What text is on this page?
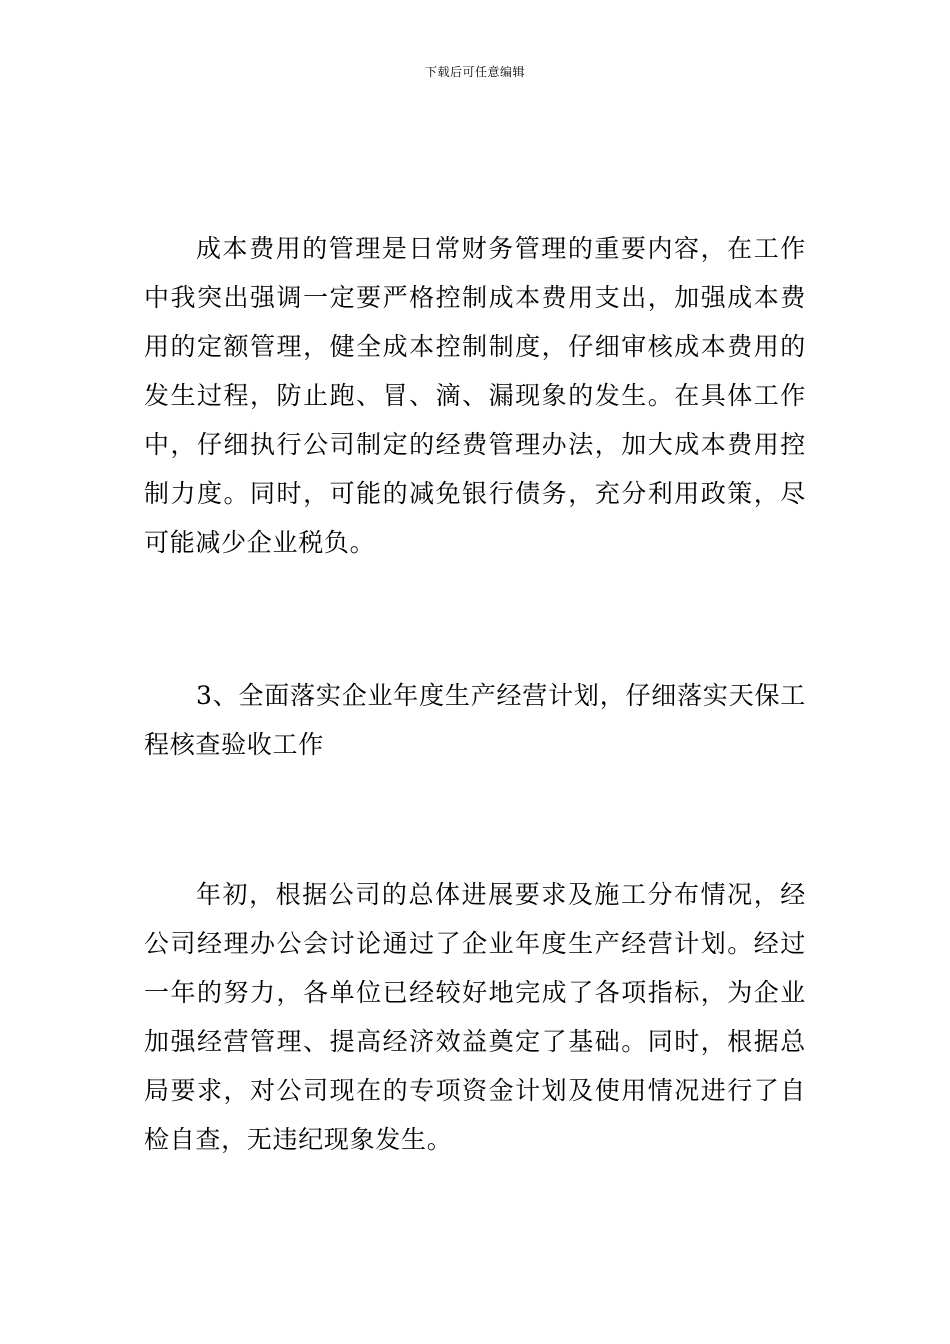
下载后可任意编辑

成本费用的管理是日常财务管理的重要内容，在工作中我突出强调一定要严格控制成本费用支出，加强成本费用的定额管理，健全成本控制制度，仔细审核成本费用的发生过程，防止跑、冒、滴、漏现象的发生。在具体工作中，仔细执行公司制定的经费管理办法，加大成本费用控制力度。同时，可能的减免银行债务，充分利用政策，尽可能减少企业税负。

3、全面落实企业年度生产经营计划，仔细落实天保工程核查验收工作

年初，根据公司的总体进展要求及施工分布情况，经公司经理办公会讨论通过了企业年度生产经营计划。经过一年的努力，各单位已经较好地完成了各项指标，为企业加强经营管理、提高经济效益奠定了基础。同时，根据总局要求，对公司现在的专项资金计划及使用情况进行了自检自查，无违纪现象发生。
